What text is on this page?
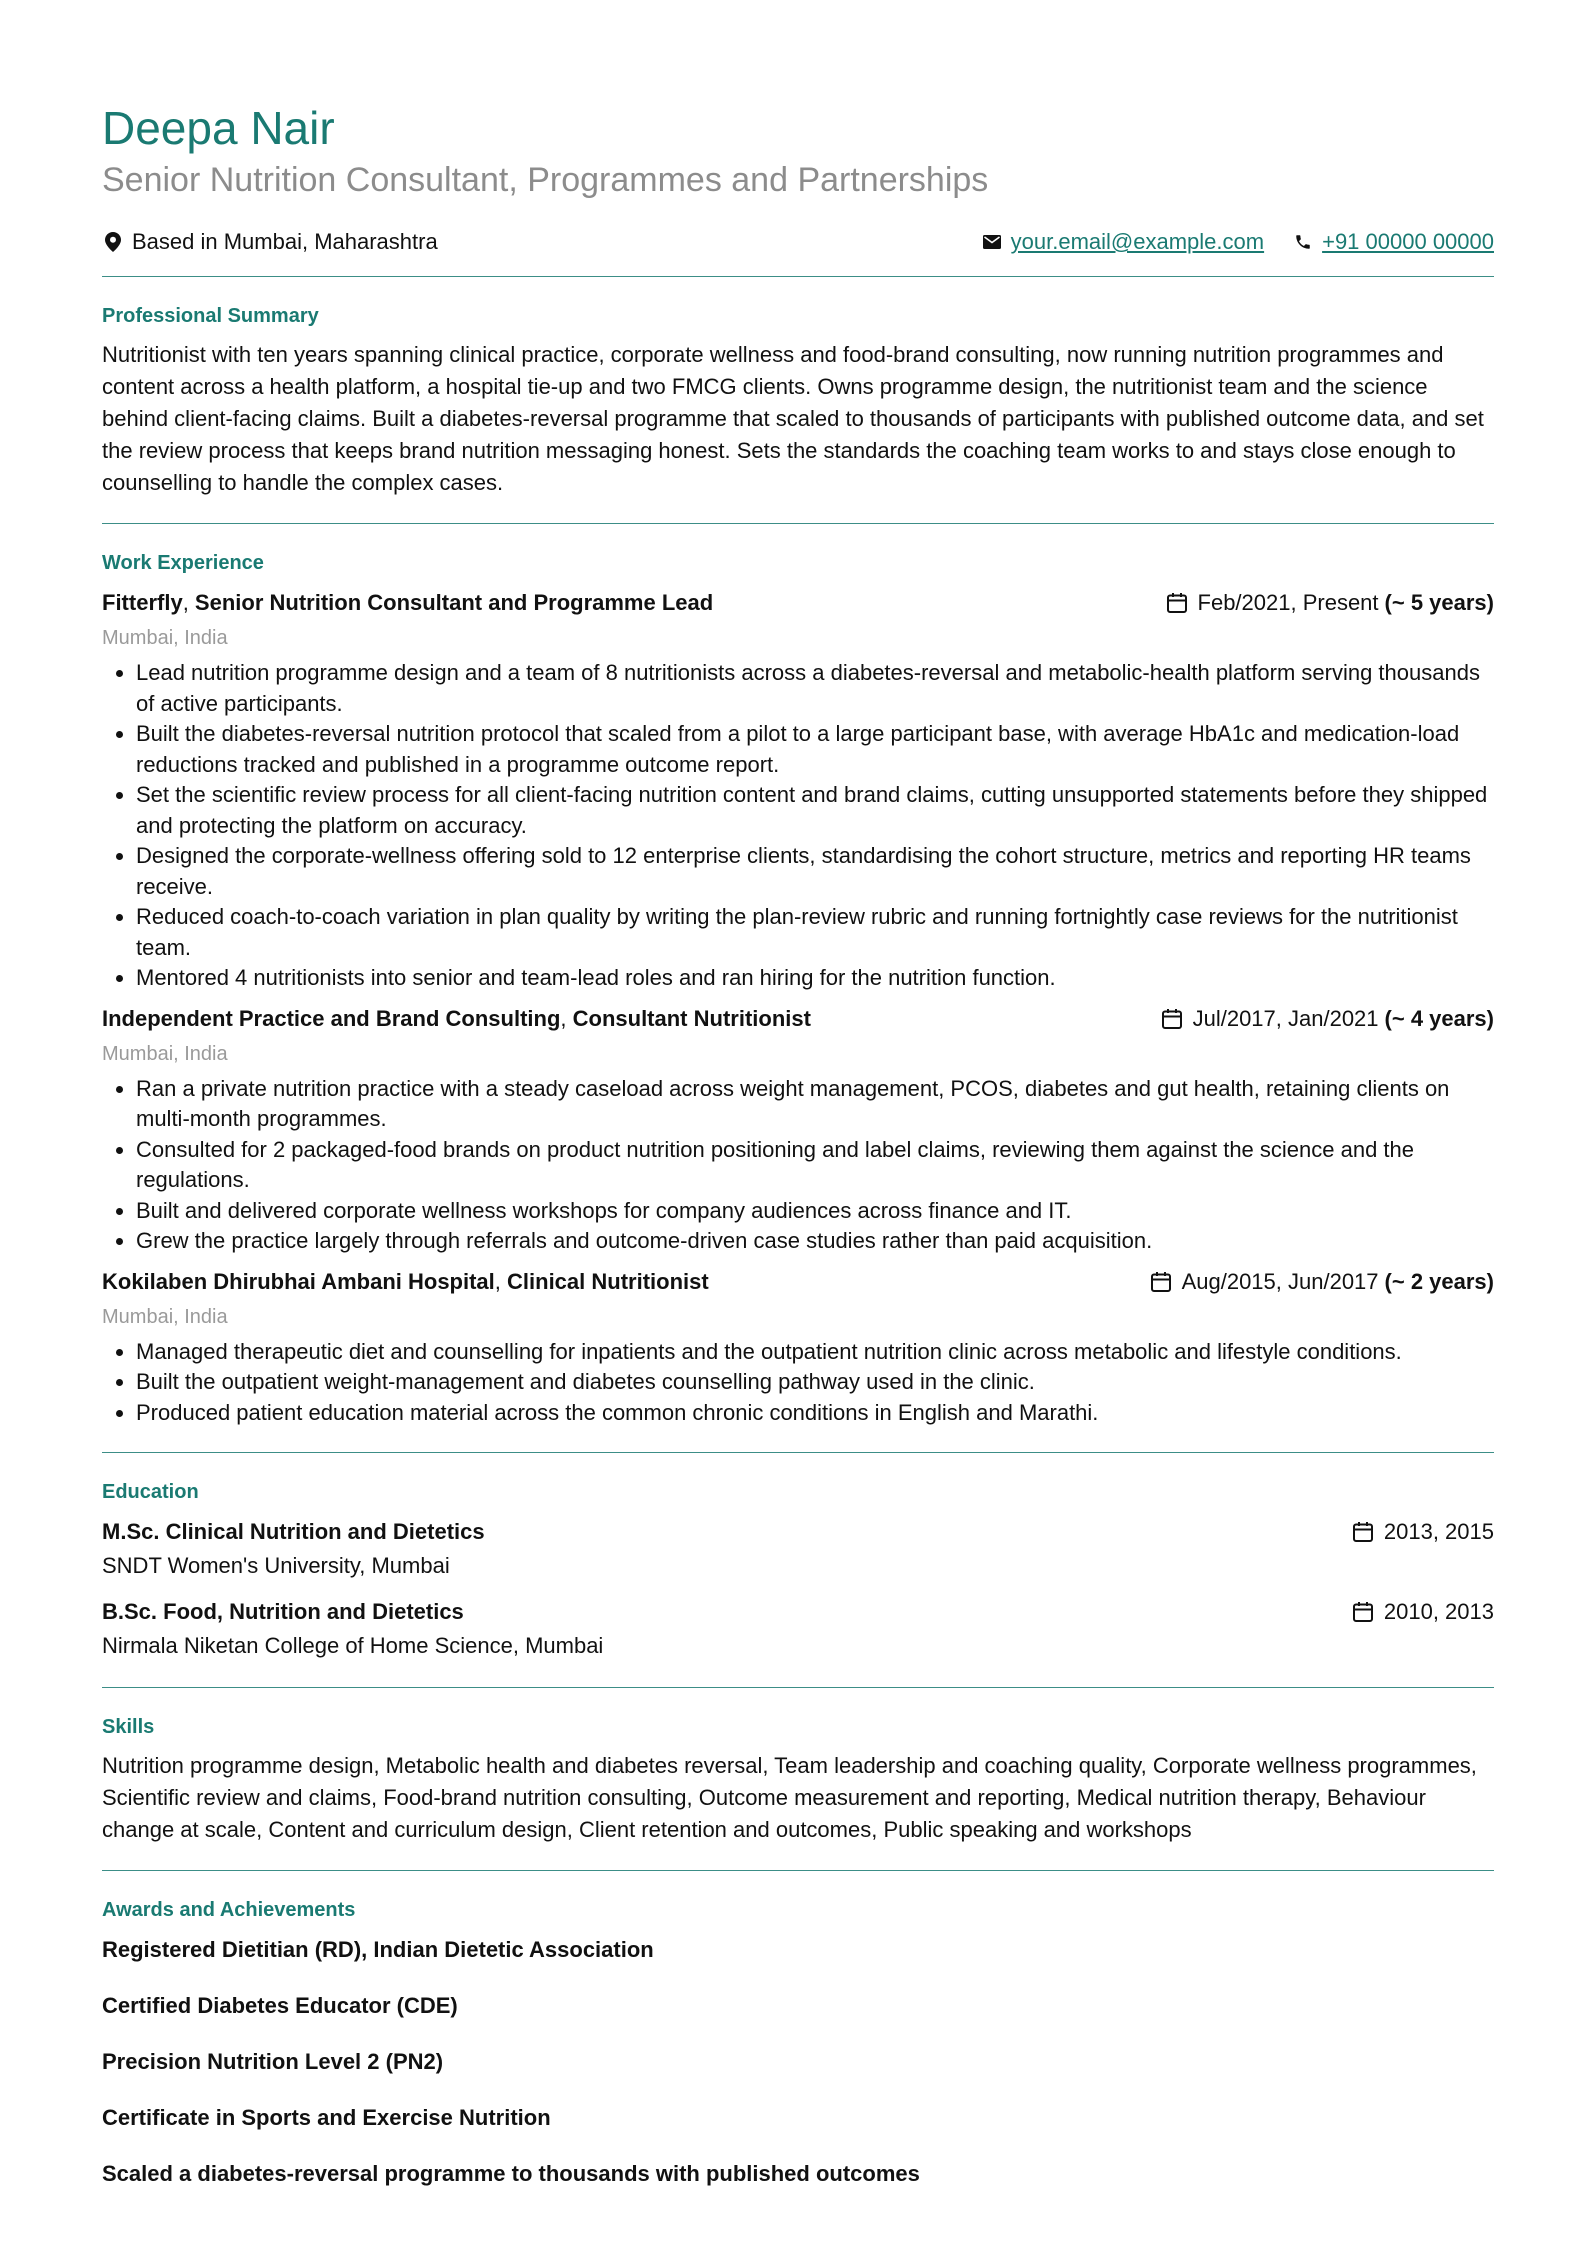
Deepa Nair
Senior Nutrition Consultant, Programmes and Partnerships
Based in Mumbai, Maharashtra	your.email@example.com	+91 00000 00000
Professional Summary

Nutritionist with ten years spanning clinical practice, corporate wellness and food-brand consulting, now running nutrition programmes and content across a health platform, a hospital tie-up and two FMCG clients. Owns programme design, the nutritionist team and the science behind client-facing claims. Built a diabetes-reversal programme that scaled to thousands of participants with published outcome data, and set the review process that keeps brand nutrition messaging honest. Sets the standards the coaching team works to and stays close enough to counselling to handle the complex cases.

Work Experience
Fitterfly, Senior Nutrition Consultant and Programme Lead	Feb/2021, Present (~ 5 years)
Mumbai, India
• Lead nutrition programme design and a team of 8 nutritionists across a diabetes-reversal and metabolic-health platform serving thousands of active participants.
• Built the diabetes-reversal nutrition protocol that scaled from a pilot to a large participant base, with average HbA1c and medication-load reductions tracked and published in a programme outcome report.
• Set the scientific review process for all client-facing nutrition content and brand claims, cutting unsupported statements before they shipped and protecting the platform on accuracy.
• Designed the corporate-wellness offering sold to 12 enterprise clients, standardising the cohort structure, metrics and reporting HR teams receive.
• Reduced coach-to-coach variation in plan quality by writing the plan-review rubric and running fortnightly case reviews for the nutritionist team.
• Mentored 4 nutritionists into senior and team-lead roles and ran hiring for the nutrition function.
Independent Practice and Brand Consulting, Consultant Nutritionist	Jul/2017, Jan/2021 (~ 4 years)
Mumbai, India
• Ran a private nutrition practice with a steady caseload across weight management, PCOS, diabetes and gut health, retaining clients on multi-month programmes.
• Consulted for 2 packaged-food brands on product nutrition positioning and label claims, reviewing them against the science and the regulations.
• Built and delivered corporate wellness workshops for company audiences across finance and IT.
• Grew the practice largely through referrals and outcome-driven case studies rather than paid acquisition.
Kokilaben Dhirubhai Ambani Hospital, Clinical Nutritionist	Aug/2015, Jun/2017 (~ 2 years)
Mumbai, India
• Managed therapeutic diet and counselling for inpatients and the outpatient nutrition clinic across metabolic and lifestyle conditions.
• Built the outpatient weight-management and diabetes counselling pathway used in the clinic.
• Produced patient education material across the common chronic conditions in English and Marathi.
Education
M.Sc. Clinical Nutrition and Dietetics	2013, 2015
SNDT Women's University, Mumbai
B.Sc. Food, Nutrition and Dietetics	2010, 2013
Nirmala Niketan College of Home Science, Mumbai
Skills

Nutrition programme design, Metabolic health and diabetes reversal, Team leadership and coaching quality, Corporate wellness programmes, Scientific review and claims, Food-brand nutrition consulting, Outcome measurement and reporting, Medical nutrition therapy, Behaviour change at scale, Content and curriculum design, Client retention and outcomes, Public speaking and workshops

Awards and Achievements
Registered Dietitian (RD), Indian Dietetic Association
Certified Diabetes Educator (CDE)
Precision Nutrition Level 2 (PN2)
Certificate in Sports and Exercise Nutrition
Scaled a diabetes-reversal programme to thousands with published outcomes
